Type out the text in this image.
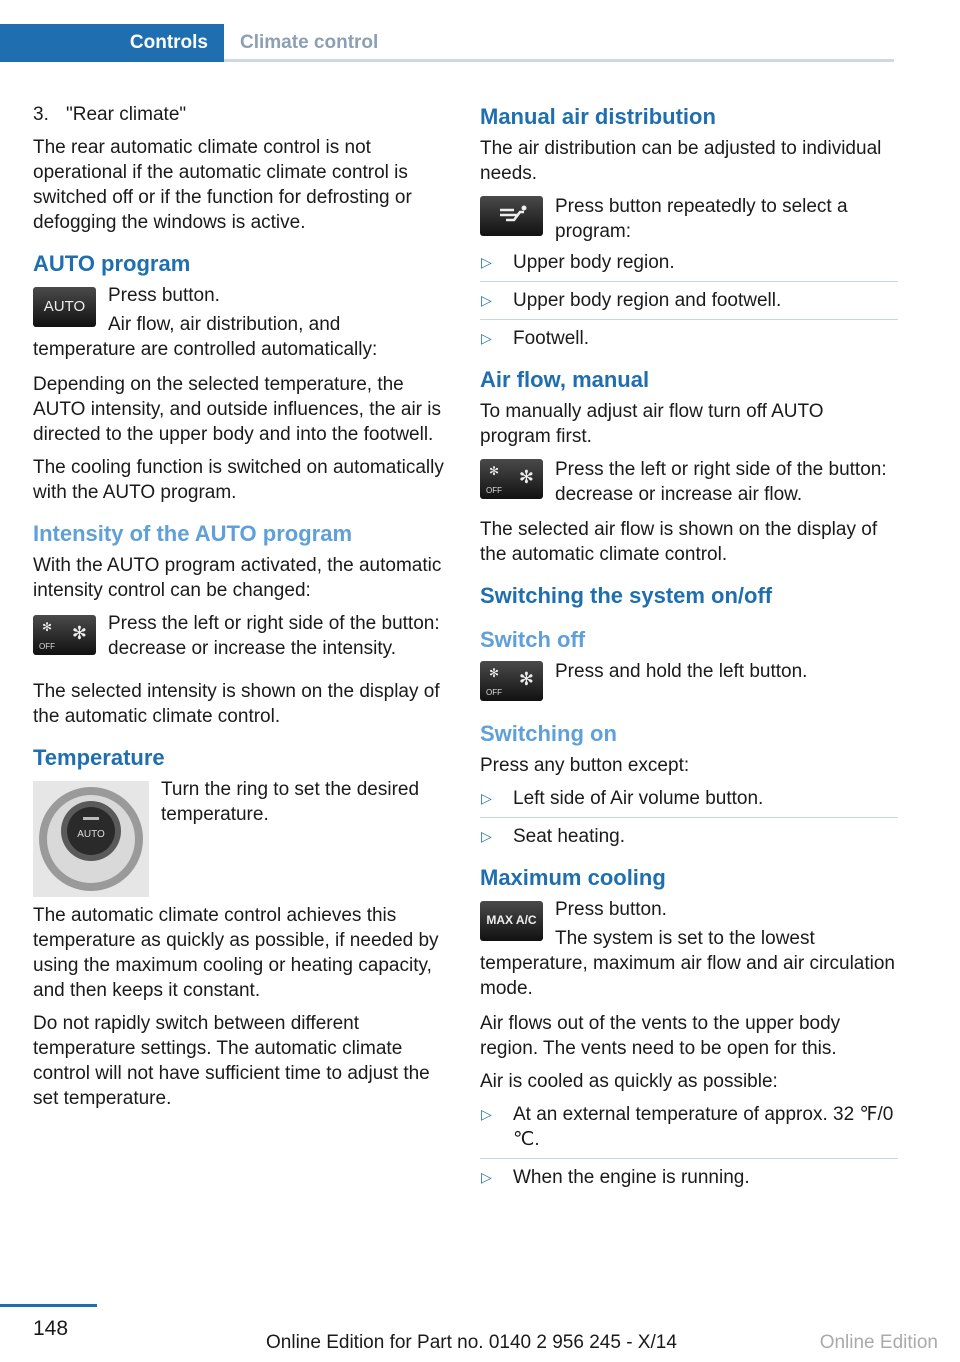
Controls	Climate control
3. "Rear climate"

The rear automatic climate control is not operational if the automatic climate control is switched off or if the function for defrosting or defogging the windows is active.

AUTO program
AUTO

Press button.

Air flow, air distribution, and temperature are controlled automatically:

Depending on the selected temperature, the AUTO intensity, and outside influences, the air is directed to the upper body and into the footwell.

The cooling function is switched on automatically with the AUTO program.

Intensity of the AUTO program

With the AUTO program activated, the automatic intensity control can be changed:

✻
OFF
✻	Press the left or right side of the button: decrease or increase the intensity.

The selected intensity is shown on the display of the automatic climate control.

Temperature
AUTO

Turn the ring to set the desired temperature.

The automatic climate control achieves this temperature as quickly as possible, if needed by using the maximum cooling or heating capacity, and then keeps it constant.

Do not rapidly switch between different temperature settings. The automatic climate control will not have sufficient time to adjust the set temperature.

Manual air distribution

The air distribution can be adjusted to individual needs.

Press button repeatedly to select a program:

▷ Upper body region.
▷ Upper body region and footwell.
▷ Footwell.
Air flow, manual

To manually adjust air flow turn off AUTO program first.

✻
OFF
✻ Press the left or right side of the button: decrease or increase air flow.

The selected air flow is shown on the display of the automatic climate control.

Switching the system on/off
Switch off
✻
OFF
✻ Press and hold the left button.

Switching on

Press any button except:

▷ Left side of Air volume button.
▷ Seat heating.
Maximum cooling
MAX A/C Press button.

The system is set to the lowest temperature, maximum air flow and air circulation mode.

Air flows out of the vents to the upper body region. The vents need to be open for this.

Air is cooled as quickly as possible:

▷ At an external temperature of approx. 32 ℉/0 ℃.
▷ When the engine is running.
148
Online Edition for Part no. 0140 2 956 245 - X/14	Online Edition
